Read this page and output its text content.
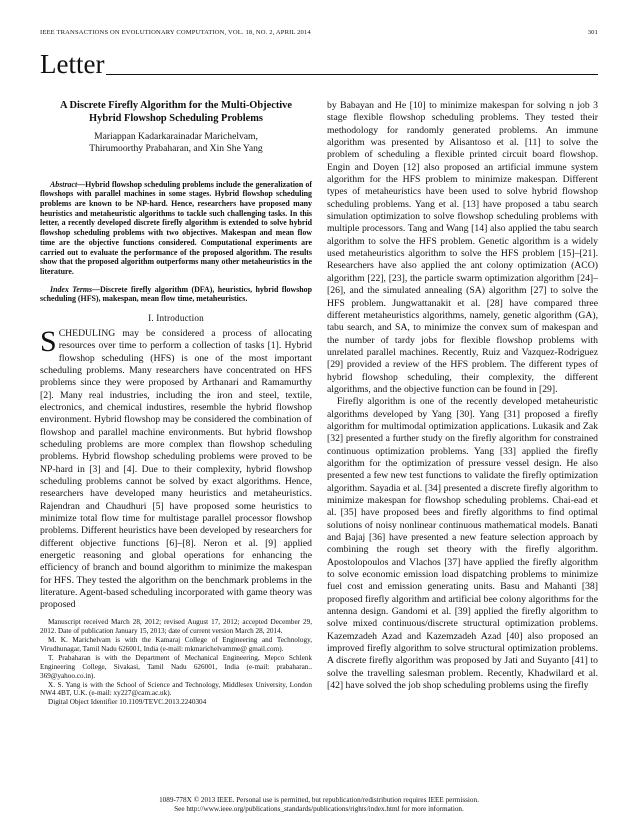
IEEE TRANSACTIONS ON EVOLUTIONARY COMPUTATION, VOL. 18, NO. 2, APRIL 2014	301
Letter
A Discrete Firefly Algorithm for the Multi-Objective Hybrid Flowshop Scheduling Problems
Mariappan Kadarkarainadar Marichelvam,
Thirumoorthy Prabaharan, and Xin She Yang

Abstract—Hybrid flowshop scheduling problems include the generalization of flowshops with parallel machines in some stages. Hybrid flowshop scheduling problems are known to be NP-hard. Hence, researchers have proposed many heuristics and metaheuristic algorithms to tackle such challenging tasks. In this letter, a recently developed discrete firefly algorithm is extended to solve hybrid flowshop scheduling problems with two objectives. Makespan and mean flow time are the objective functions considered. Computational experiments are carried out to evaluate the performance of the proposed algorithm. The results show that the proposed algorithm outperforms many other metaheuristics in the literature.

Index Terms—Discrete firefly algorithm (DFA), heuristics, hybrid flowshop scheduling (HFS), makespan, mean flow time, metaheuristics.

I. Introduction

SCHEDULING may be considered a process of allocating resources over time to perform a collection of tasks [1]. Hybrid flowshop scheduling (HFS) is one of the most important scheduling problems. Many researchers have concentrated on HFS problems since they were proposed by Arthanari and Ramamurthy [2]. Many real industries, including the iron and steel, textile, electronics, and chemical industires, resemble the hybrid flowshop environment. Hybrid flowshop may be considered the combination of flowshop and parallel machine environments. But hybrid flowshop scheduling problems are more complex than flowshop scheduling problems. Hybrid flowshop scheduling problems were proved to be NP-hard in [3] and [4]. Due to their complexity, hybrid flowshop scheduling problems cannot be solved by exact algorithms. Hence, researchers have developed many heuristics and metaheuristics. Rajendran and Chaudhuri [5] have proposed some heuristics to minimize total flow time for multistage parallel processor flowshop problems. Different heuristics have been developed by researchers for different objective functions [6]–[8]. Neron et al. [9] applied energetic reasoning and global operations for enhancing the efficiency of branch and bound algorithm to minimize the makespan for HFS. They tested the algorithm on the benchmark problems in the literature. Agent-based scheduling incorporated with game theory was proposed

Manuscript received March 28, 2012; revised August 17, 2012; accepted December 29, 2012. Date of publication January 15, 2013; date of current version March 28, 2014.

M. K. Marichelvam is with the Kamaraj College of Engineering and Technology, Virudhunagar, Tamil Nadu 626001, India (e-mail: mkmarichelvamme@ gmail.com).

T. Prabaharan is with the Department of Mechanical Engineering, Mepco Schlenk Engineering College, Sivakasi, Tamil Nadu 626001, India (e-mail: prabaharan.. 369@yahoo.co.in).

X. S. Yang is with the School of Science and Technology, Middlesex University, London NW4 4BT, U.K. (e-mail: xy227@cam.ac.uk).

Digital Object Identifier 10.1109/TEVC.2013.2240304

by Babayan and He [10] to minimize makespan for solving n job 3 stage flexible flowshop scheduling problems. They tested their methodology for randomly generated problems. An immune algorithm was presented by Alisantoso et al. [11] to solve the problem of scheduling a flexible printed circuit board flowshop. Engin and Doyen [12] also proposed an artificial immune system algorithm for the HFS problem to minimize makespan. Different types of metaheuristics have been used to solve hybrid flowshop scheduling problems. Yang et al. [13] have proposed a tabu search simulation optimization to solve flowshop scheduling problems with multiple processors. Tang and Wang [14] also applied the tabu search algorithm to solve the HFS problem. Genetic algorithm is a widely used metaheuristics algorithm to solve the HFS problem [15]–[21]. Researchers have also applied the ant colony optimization (ACO) algorithm [22], [23], the particle swarm optimization algorithm [24]–[26], and the simulated annealing (SA) algorithm [27] to solve the HFS problem. Jungwattanakit et al. [28] have compared three different metaheuristics algorithms, namely, genetic algorithm (GA), tabu search, and SA, to minimize the convex sum of makespan and the number of tardy jobs for flexible flowshop problems with unrelated parallel machines. Recently, Ruiz and Vazquez-Rodriguez [29] provided a review of the HFS problem. The different types of hybrid flowshop scheduling, their complexity, the different algorithms, and the objective function can be found in [29].

Firefly algorithm is one of the recently developed metaheuristic algorithms developed by Yang [30]. Yang [31] proposed a firefly algorithm for multimodal optimization applications. Lukasik and Zak [32] presented a further study on the firefly algorithm for constrained continuous optimization problems. Yang [33] applied the firefly algorithm for the optimization of pressure vessel design. He also presented a few new test functions to validate the firefly optimization algorithm. Sayadia et al. [34] presented a discrete firefly algorithm to minimize makespan for flowshop scheduling problems. Chai-ead et al. [35] have proposed bees and firefly algorithms to find optimal solutions of noisy nonlinear continuous mathematical models. Banati and Bajaj [36] have presented a new feature selection approach by combining the rough set theory with the firefly algorithm. Apostolopoulos and Vlachos [37] have applied the firefly algorithm to solve economic emission load dispatching problems to minimize fuel cost and emission generating units. Basu and Mahanti [38] proposed firefly algorithm and artificial bee colony algorithms for the antenna design. Gandomi et al. [39] applied the firefly algorithm to solve mixed continuous/discrete structural optimization problems. Kazemzadeh Azad and Kazemzadeh Azad [40] also proposed an improved firefly algorithm to solve structural optimization problems. A discrete firefly algorithm was proposed by Jati and Suyanto [41] to solve the travelling salesman problem. Recently, Khadwilard et al. [42] have solved the job shop scheduling problems using the firefly

1089-778X © 2013 IEEE. Personal use is permitted, but republication/redistribution requires IEEE permission.
See http://www.ieee.org/publications_standards/publications/rights/index.html for more information.
